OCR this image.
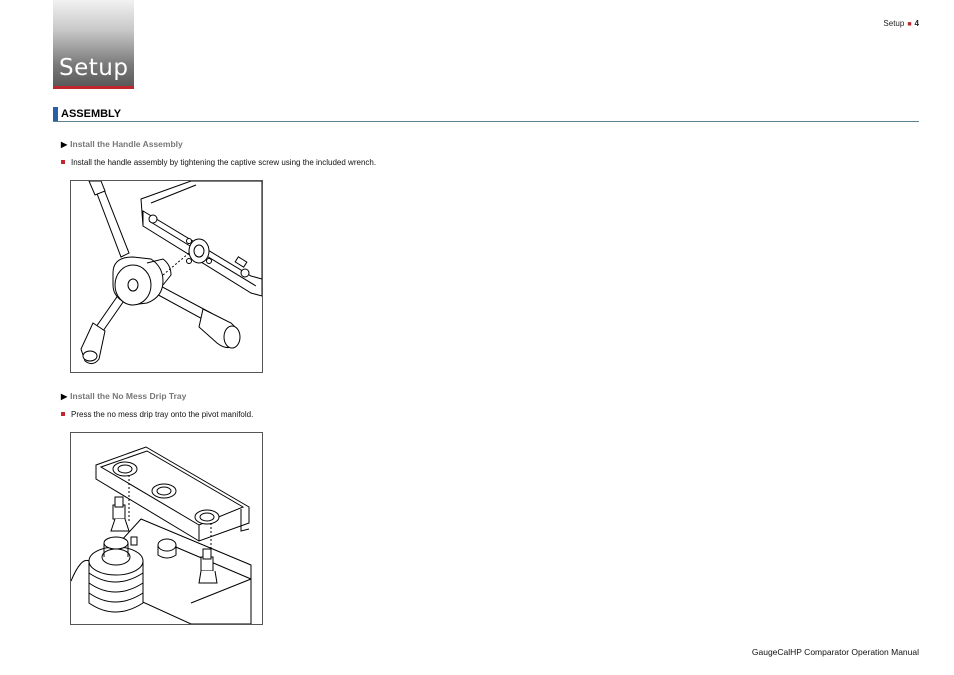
Setup
Setup ■ 4
ASSEMBLY
▶ Install the Handle Assembly
Install the handle assembly by tightening the captive screw using the included wrench.
▶ Install the No Mess Drip Tray
Press the no mess drip tray onto the pivot manifold.
GaugeCalHP Comparator Operation Manual
